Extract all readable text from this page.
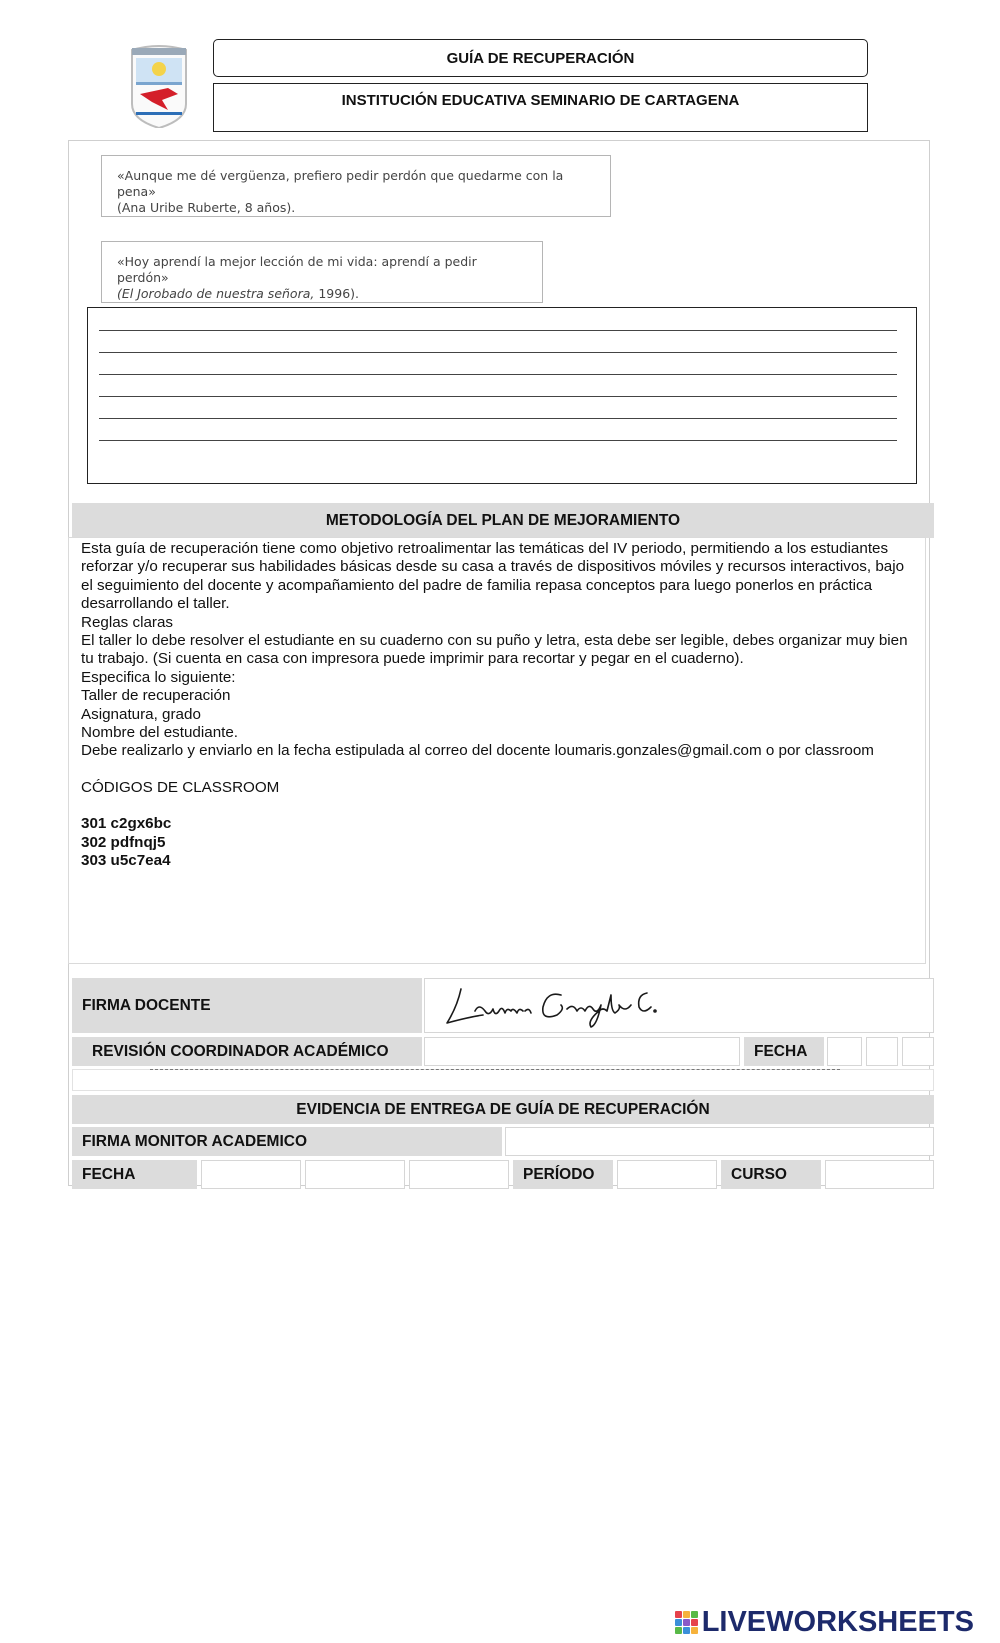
GUÍA DE RECUPERACIÓN
INSTITUCIÓN EDUCATIVA SEMINARIO DE CARTAGENA
«Aunque me dé vergüenza, prefiero pedir perdón que quedarme con la pena»
(Ana Uribe Ruberte, 8 años).
«Hoy aprendí la mejor lección de mi vida: aprendí a pedir perdón»
(El Jorobado de nuestra señora, 1996).
METODOLOGÍA DEL PLAN DE MEJORAMIENTO

Esta guía de recuperación tiene como objetivo retroalimentar las temáticas del IV periodo, permitiendo a los estudiantes reforzar y/o recuperar sus habilidades básicas desde su casa a través de dispositivos móviles y recursos interactivos, bajo el seguimiento del docente y acompañamiento del padre de familia repasa conceptos para luego ponerlos en práctica desarrollando el taller.

Reglas claras

El taller lo debe resolver el estudiante en su cuaderno con su puño y letra, esta debe ser legible, debes organizar muy bien tu trabajo. (Si cuenta en casa con impresora puede imprimir para recortar y pegar en el cuaderno).

Especifica lo siguiente:

Taller de recuperación

Asignatura, grado

Nombre del estudiante.

Debe realizarlo y enviarlo en la fecha estipulada al correo del docente loumaris.gonzales@gmail.com o por classroom

CÓDIGOS DE CLASSROOM

301 c2gx6bc

302 pdfnqj5

303 u5c7ea4

FIRMA DOCENTE
Loumaris González C.
REVISIÓN COORDINADOR ACADÉMICO	FECHA
EVIDENCIA DE ENTREGA DE GUÍA DE RECUPERACIÓN
FIRMA MONITOR ACADEMICO
FECHA	PERÍODO	CURSO
LIVEWORKSHEETS
